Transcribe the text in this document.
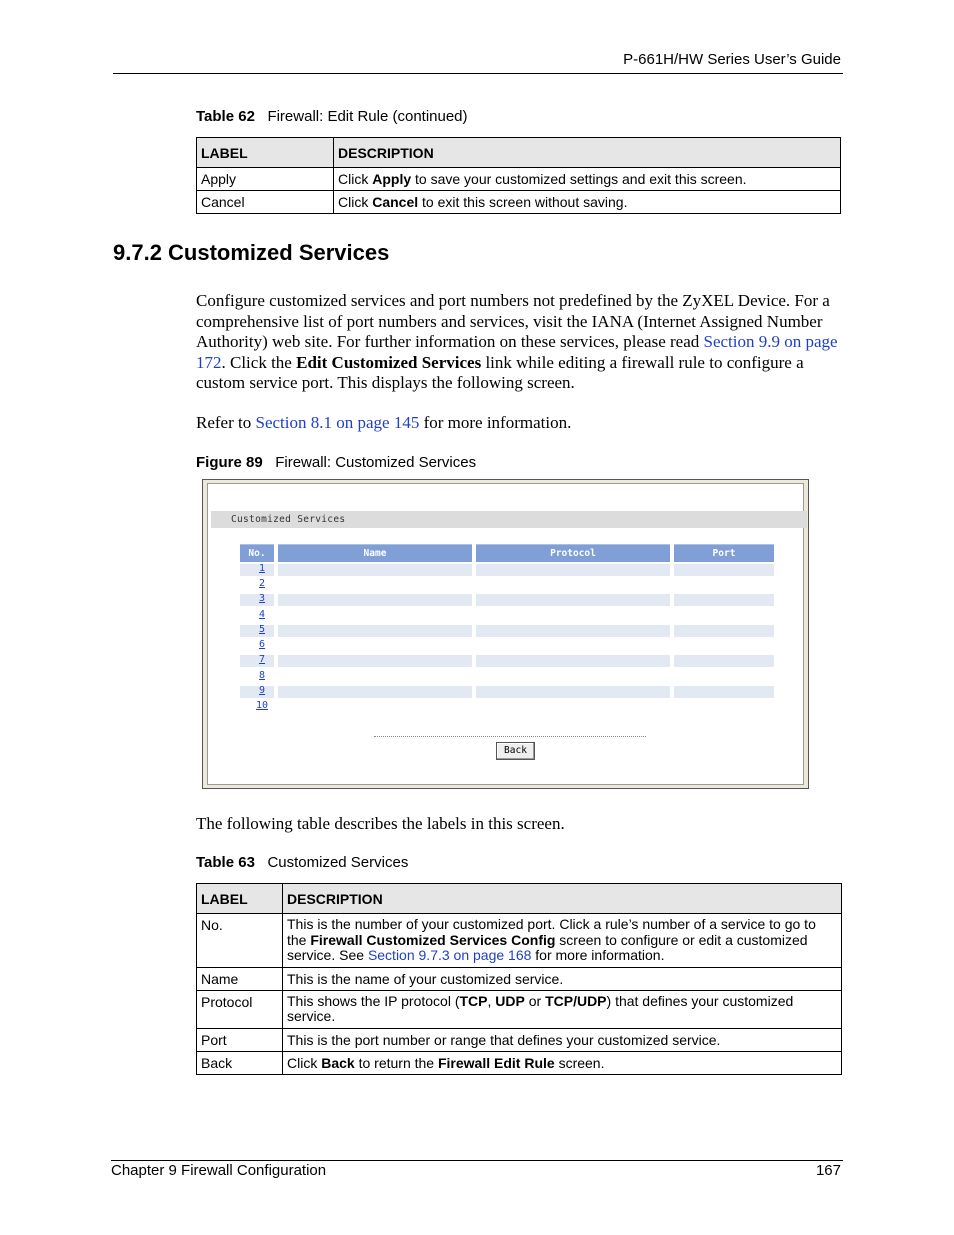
P-661H/HW Series User’s Guide
Table 62 Firewall: Edit Rule (continued)
LABEL	DESCRIPTION
Apply	Click Apply to save your customized settings and exit this screen.
Cancel	Click Cancel to exit this screen without saving.
9.7.2 Customized Services
Configure customized services and port numbers not predefined by the ZyXEL Device. For a comprehensive list of port numbers and services, visit the IANA (Internet Assigned Number Authority) web site. For further information on these services, please read Section 9.9 on page 172. Click the Edit Customized Services link while editing a firewall rule to configure a custom service port. This displays the following screen.
Refer to Section 8.1 on page 145 for more information.
Figure 89 Firewall: Customized Services
Customized Services
No.	Name	Protocol	Port
1
2
3
4
5
6
7
8
9
10
Back
The following table describes the labels in this screen.
Table 63 Customized Services
LABEL	DESCRIPTION
No.	This is the number of your customized port. Click a rule’s number of a service to go to the Firewall Customized Services Config screen to configure or edit a customized service. See Section 9.7.3 on page 168 for more information.
Name	This is the name of your customized service.
Protocol	This shows the IP protocol (TCP, UDP or TCP/UDP) that defines your customized service.
Port	This is the port number or range that defines your customized service.
Back	Click Back to return the Firewall Edit Rule screen.
Chapter 9 Firewall Configuration	167
